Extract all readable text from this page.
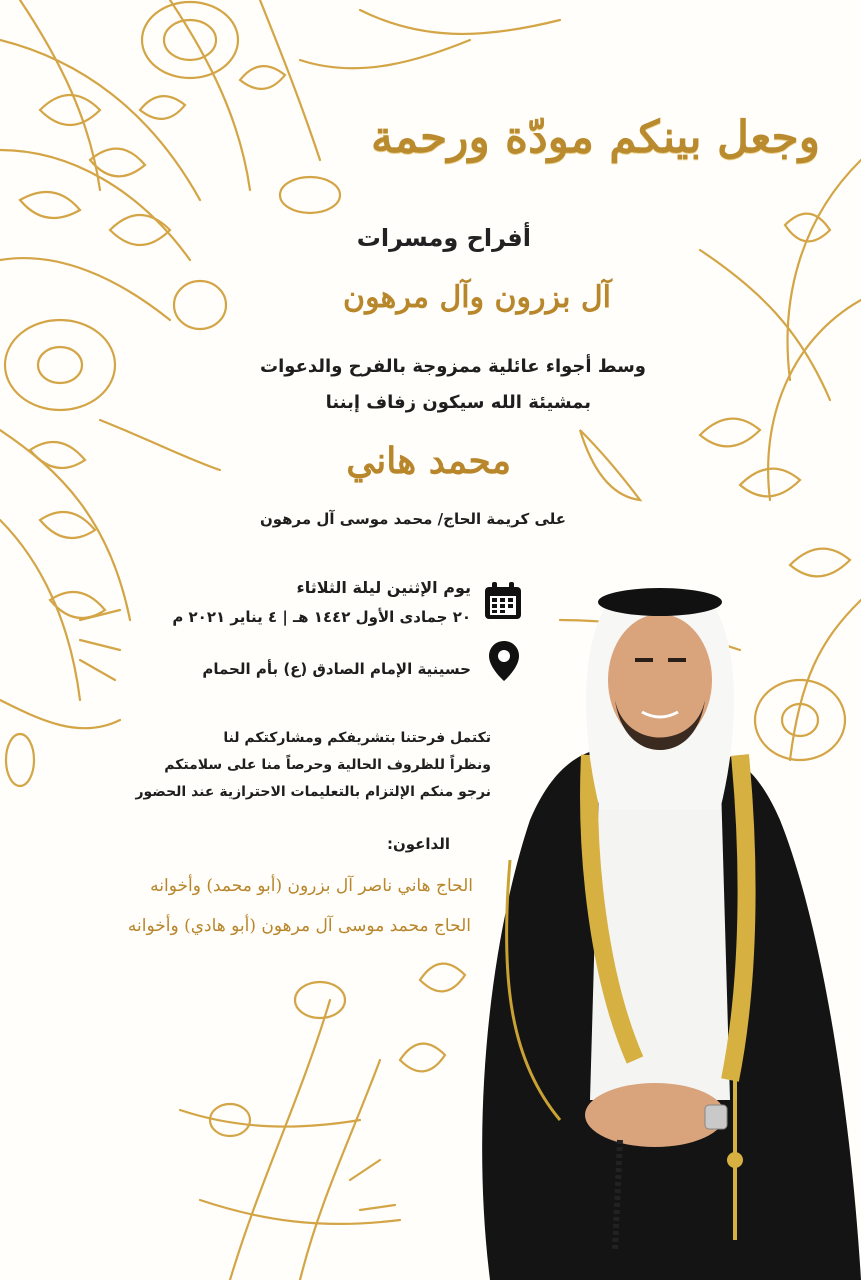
وجعل بينكم مودّة ورحمة
أفراح ومسرات
آل بزرون وآل مرهون
وسط أجواء عائلية ممزوجة بالفرح والدعوات
بمشيئة الله سيكون زفاف إبننا
محمد هاني
على كريمة الحاج/ محمد موسى آل مرهون
يوم الإثنين ليلة الثلاثاء
٢٠ جمادى الأول ١٤٤٢ هـ | ٤ يناير ٢٠٢١ م
حسينية الإمام الصادق (ع) بأم الحمام
تكتمل فرحتنا بتشريفكم ومشاركتكم لنا
ونظراً للظروف الحالية وحرصاً منا على سلامتكم
نرجو منكم الإلتزام بالتعليمات الاحترازية عند الحضور
الداعون:
الحاج هاني ناصر آل بزرون (أبو محمد) وأخوانه
الحاج محمد موسى آل مرهون (أبو هادي) وأخوانه
